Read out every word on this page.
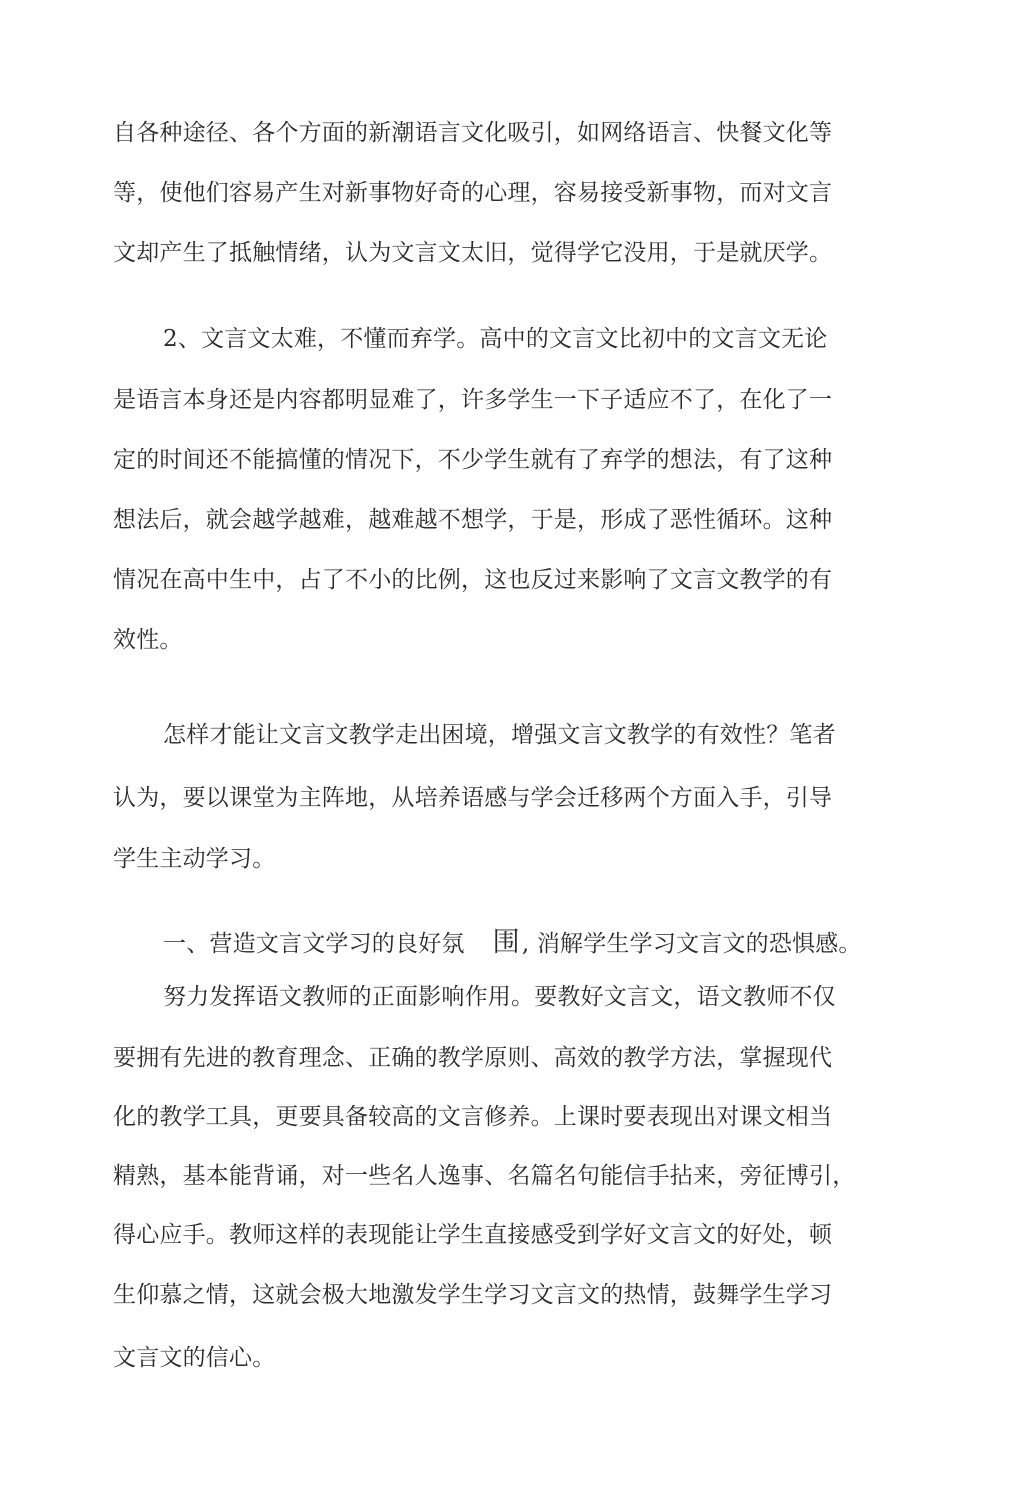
自各种途径、各个方面的新潮语言文化吸引，如网络语言、快餐文化等
等，使他们容易产生对新事物好奇的心理，容易接受新事物，而对文言
文却产生了抵触情绪，认为文言文太旧，觉得学它没用，于是就厌学。
2、文言文太难，不懂而弃学。高中的文言文比初中的文言文无论
是语言本身还是内容都明显难了，许多学生一下子适应不了，在化了一
定的时间还不能搞懂的情况下，不少学生就有了弃学的想法，有了这种
想法后，就会越学越难，越难越不想学，于是，形成了恶性循环。这种
情况在高中生中，占了不小的比例，这也反过来影响了文言文教学的有
效性。
怎样才能让文言文教学走出困境，增强文言文教学的有效性？笔者
认为，要以课堂为主阵地，从培养语感与学会迁移两个方面入手，引导
学生主动学习。
一、营造文言文学习的良好氛 围, 消解学生学习文言文的恐惧感。
努力发挥语文教师的正面影响作用。要教好文言文，语文教师不仅
要拥有先进的教育理念、正确的教学原则、高效的教学方法，掌握现代
化的教学工具，更要具备较高的文言修养。上课时要表现出对课文相当
精熟，基本能背诵，对一些名人逸事、名篇名句能信手拈来，旁征博引，
得心应手。教师这样的表现能让学生直接感受到学好文言文的好处，顿
生仰慕之情，这就会极大地激发学生学习文言文的热情，鼓舞学生学习
文言文的信心。
